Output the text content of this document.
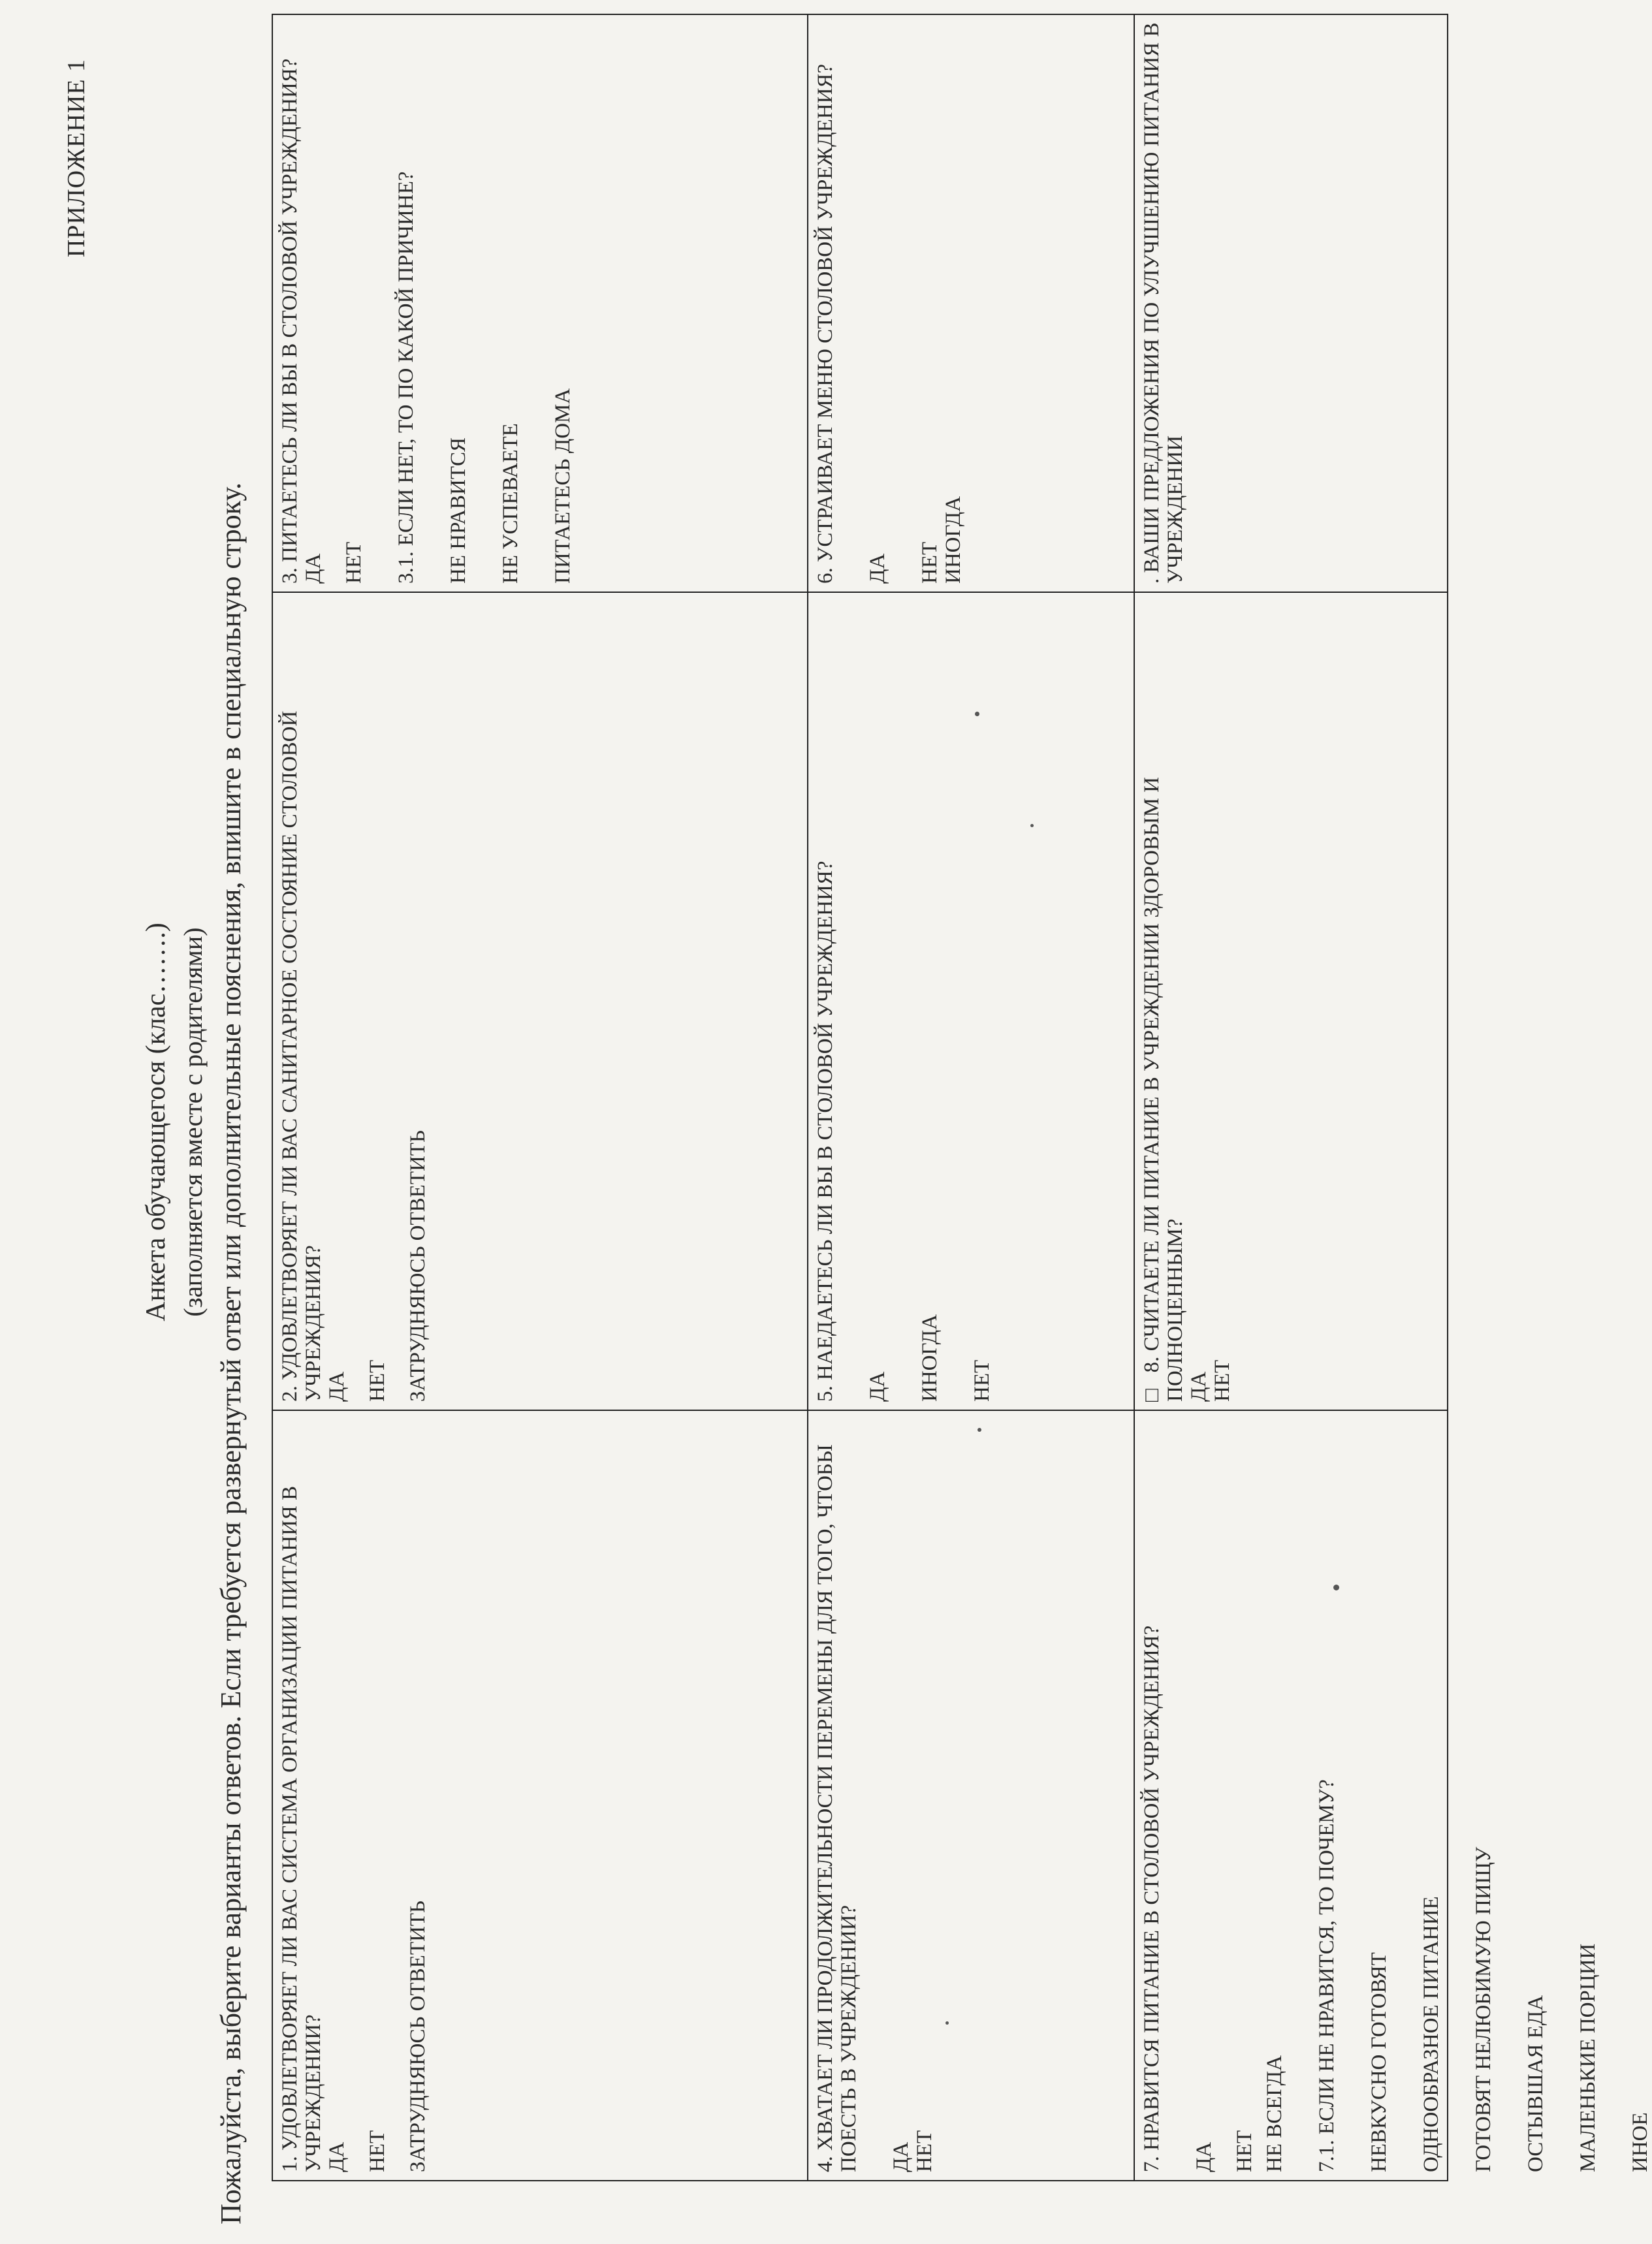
ПРИЛОЖЕНИЕ 1
Анкета обучающегося (клас…….) (заполняется вместе с родителями) Пожалуйста, выберите варианты ответов. Если требуется развернутый ответ или дополнительные пояснения, впишите в специальную строку. 1. УДОВЛЕТВОРЯЕТ ЛИ ВАС СИСТЕМА ОРГАНИЗАЦИИ ПИТАНИЯ В УЧРЕЖДЕНИИ? ДА НЕТ ЗАТРУДНЯЮСЬ ОТВЕТИТЬ
2. УДОВЛЕТВОРЯЕТ ЛИ ВАС САНИТАРНОЕ СОСТОЯНИЕ СТОЛОВОЙ УЧРЕЖДЕНИЯ? ДА НЕТ ЗАТРУДНЯЮСЬ ОТВЕТИТЬ
3. ПИТАЕТЕСЬ ЛИ ВЫ В СТОЛОВОЙ УЧРЕЖДЕНИЯ? ДА НЕТ 3.1. ЕСЛИ НЕТ, ТО ПО КАКОЙ ПРИЧИНЕ? НЕ НРАВИТСЯ НЕ УСПЕВАЕТЕ ПИТАЕТЕСЬ ДОМА
4. ХВАТАЕТ ЛИ ПРОДОЛЖИТЕЛЬНОСТИ ПЕРЕМЕНЫ ДЛЯ ТОГО, ЧТОБЫ ПОЕСТЬ В УЧРЕЖДЕНИИ? ДА НЕТ
5. НАЕДАЕТЕСЬ ЛИ ВЫ В СТОЛОВОЙ УЧРЕЖДЕНИЯ? ДА ИНОГДА НЕТ
6. УСТРАИВАЕТ МЕНЮ СТОЛОВОЙ УЧРЕЖДЕНИЯ? ДА НЕТ ИНОГДА
7. НРАВИТСЯ ПИТАНИЕ В СТОЛОВОЙ УЧРЕЖДЕНИЯ? ДА НЕТ НЕ ВСЕГДА 7.1. ЕСЛИ НЕ НРАВИТСЯ, ТО ПОЧЕМУ? НЕВКУСНО ГОТОВЯТ ОДНООБРАЗНОЕ ПИТАНИЕ ГОТОВЯТ НЕЛЮБИМУЮ ПИЩУ ОСТЫВШАЯ ЕДА МАЛЕНЬКИЕ ПОРЦИИ ИНОЕ
□   8. СЧИТАЕТЕ ЛИ ПИТАНИЕ В УЧРЕЖДЕНИИ ЗДОРОВЫМ И ПОЛНОЦЕННЫМ? ДА НЕТ
. ВАШИ ПРЕДЛОЖЕНИЯ ПО УЛУЧШЕНИЮ ПИТАНИЯ В УЧРЕЖДЕНИИ
